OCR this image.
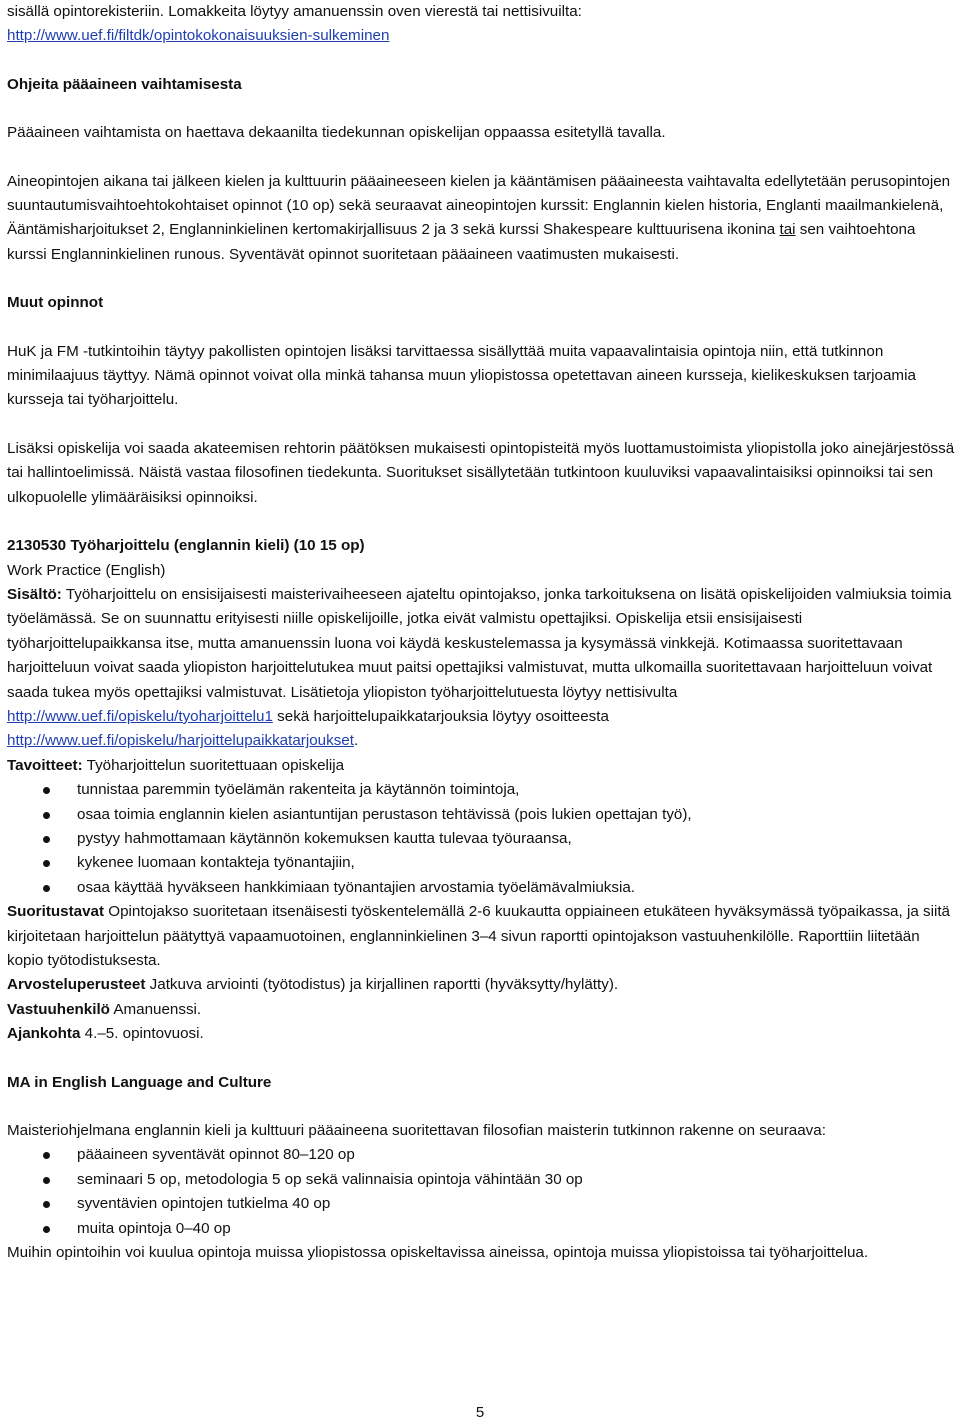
sisällä opintorekisteriin. Lomakkeita löytyy amanuenssin oven vierestä tai nettisivuilta:
http://www.uef.fi/filtdk/opintokokonaisuuksien-sulkeminen

Ohjeita pääaineen vaihtamisesta

Pääaineen vaihtamista on haettava dekaanilta tiedekunnan opiskelijan oppaassa esitetyllä tavalla.

Aineopintojen aikana tai jälkeen kielen ja kulttuurin pääaineeseen kielen ja kääntämisen pääaineesta vaihtavalta edellytetään perusopintojen suuntautumisvaihtoehtokohtaiset opinnot (10 op) sekä seuraavat aineopintojen kurssit: Englannin kielen historia, Englanti maailmankielenä, Ääntämisharjoitukset 2, Englanninkielinen kertomakirjallisuus 2 ja 3 sekä kurssi Shakespeare kulttuurisena ikonina tai sen vaihtoehtona kurssi Englanninkielinen runous. Syventävät opinnot suoritetaan pääaineen vaatimusten mukaisesti.

Muut opinnot

HuK ja FM -tutkintoihin täytyy pakollisten opintojen lisäksi tarvittaessa sisällyttää muita vapaavalintaisia opintoja niin, että tutkinnon minimilaajuus täyttyy. Nämä opinnot voivat olla minkä tahansa muun yliopistossa opetettavan aineen kursseja, kielikeskuksen tarjoamia kursseja tai työharjoittelu.

Lisäksi opiskelija voi saada akateemisen rehtorin päätöksen mukaisesti opintopisteitä myös luottamustoimista yliopistolla joko ainejärjestössä tai hallintoelimissä. Näistä vastaa filosofinen tiedekunta. Suoritukset sisällytetään tutkintoon kuuluviksi vapaavalintaisiksi opinnoiksi tai sen ulkopuolelle ylimääräisiksi opinnoiksi.

2130530 Työharjoittelu (englannin kieli) (10 15 op)

Work Practice (English)

Sisältö: Työharjoittelu on ensisijaisesti maisterivaiheeseen ajateltu opintojakso, jonka tarkoituksena on lisätä opiskelijoiden valmiuksia toimia työelämässä. Se on suunnattu erityisesti niille opiskelijoille, jotka eivät valmistu opettajiksi. Opiskelija etsii ensisijaisesti työharjoittelupaikkansa itse, mutta amanuenssin luona voi käydä keskustelemassa ja kysymässä vinkkejä. Kotimaassa suoritettavaan harjoitteluun voivat saada yliopiston harjoittelutukea muut paitsi opettajiksi valmistuvat, mutta ulkomailla suoritettavaan harjoitteluun voivat saada tukea myös opettajiksi valmistuvat. Lisätietoja yliopiston työharjoittelutuesta löytyy nettisivulta
http://www.uef.fi/opiskelu/tyoharjoittelu1 sekä harjoittelupaikkatarjouksia löytyy osoitteesta
http://www.uef.fi/opiskelu/harjoittelupaikkatarjoukset.

Tavoitteet: Työharjoittelun suoritettuaan opiskelija

tunnistaa paremmin työelämän rakenteita ja käytännön toimintoja,
osaa toimia englannin kielen asiantuntijan perustason tehtävissä (pois lukien opettajan työ),
pystyy hahmottamaan käytännön kokemuksen kautta tulevaa työuraansa,
kykenee luomaan kontakteja työnantajiin,
osaa käyttää hyväkseen hankkimiaan työnantajien arvostamia työelämävalmiuksia.

Suoritustavat Opintojakso suoritetaan itsenäisesti työskentelemällä 2-6 kuukautta oppiaineen etukäteen hyväksymässä työpaikassa, ja siitä kirjoitetaan harjoittelun päätyttyä vapaamuotoinen, englanninkielinen 3–4 sivun raportti opintojakson vastuuhenkilölle. Raporttiin liitetään kopio työtodistuksesta.

Arvosteluperusteet Jatkuva arviointi (työtodistus) ja kirjallinen raportti (hyväksytty/hylätty).

Vastuuhenkilö Amanuenssi.

Ajankohta 4.–5. opintovuosi.

MA in English Language and Culture

Maisteriohjelmana englannin kieli ja kulttuuri pääaineena suoritettavan filosofian maisterin tutkinnon rakenne on seuraava:

pääaineen syventävät opinnot 80–120 op
seminaari 5 op, metodologia 5 op sekä valinnaisia opintoja vähintään 30 op
syventävien opintojen tutkielma 40 op
muita opintoja 0–40 op

Muihin opintoihin voi kuulua opintoja muissa yliopistossa opiskeltavissa aineissa, opintoja muissa yliopistoissa tai työharjoittelua.

5
